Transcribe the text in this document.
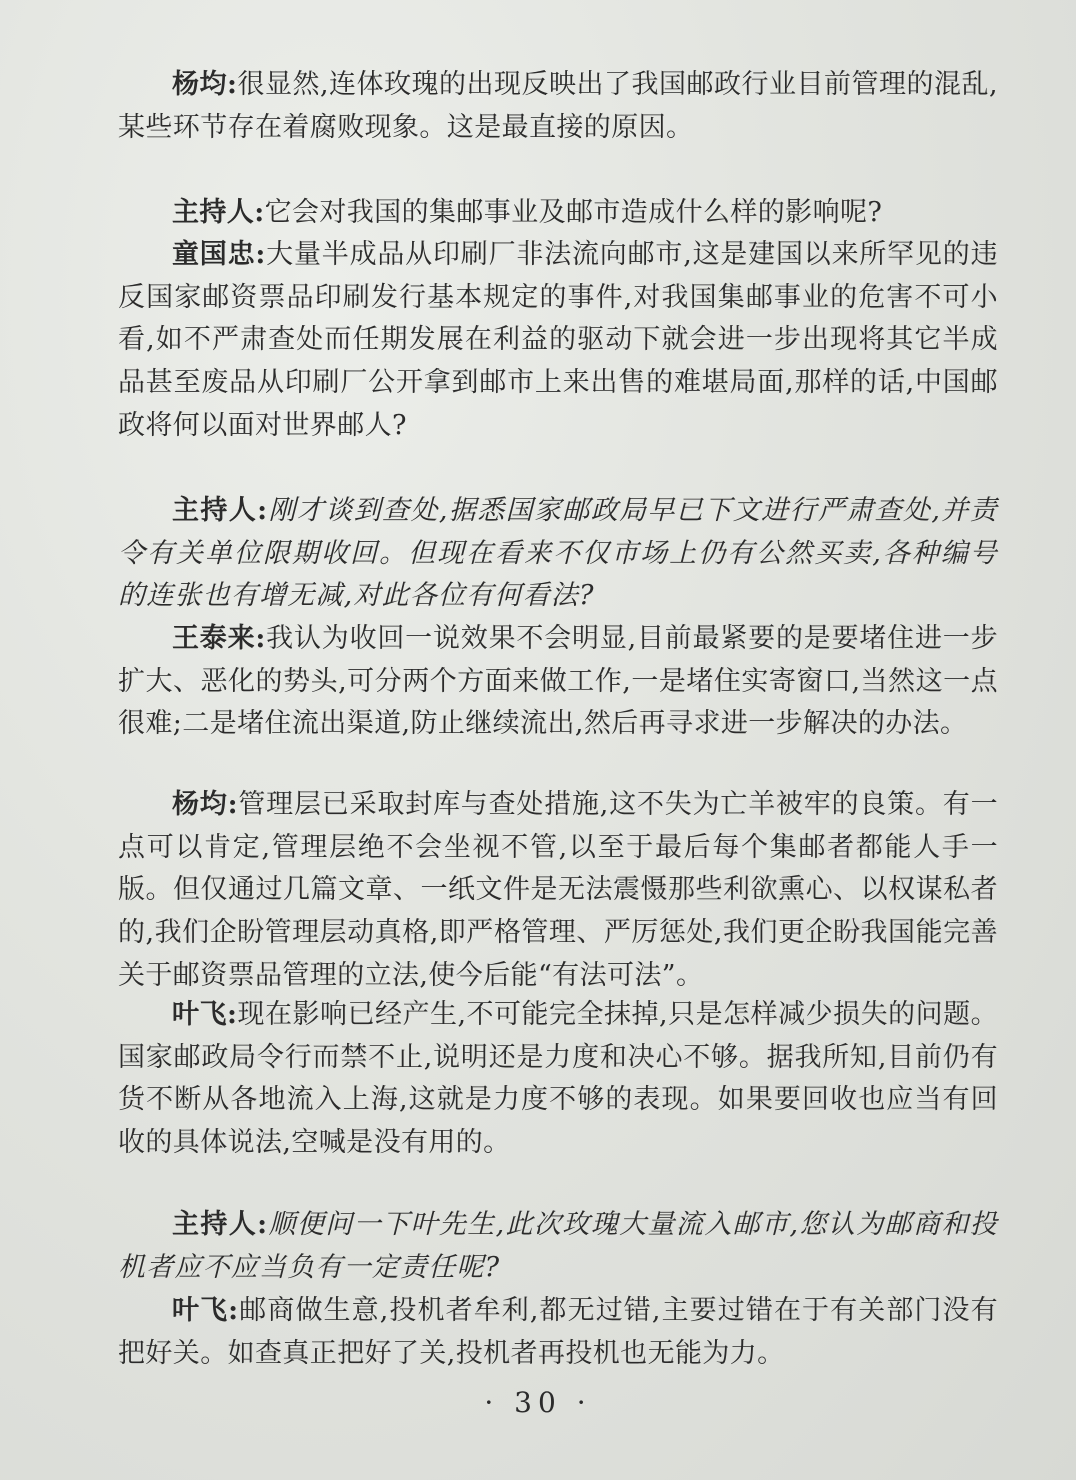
杨均:很显然,连体玫瑰的出现反映出了我国邮政行业目前管理的混乱,某些环节存在着腐败现象。这是最直接的原因。

主持人:它会对我国的集邮事业及邮市造成什么样的影响呢?

童国忠:大量半成品从印刷厂非法流向邮市,这是建国以来所罕见的违反国家邮资票品印刷发行基本规定的事件,对我国集邮事业的危害不可小看,如不严肃查处而任期发展在利益的驱动下就会进一步出现将其它半成品甚至废品从印刷厂公开拿到邮市上来出售的难堪局面,那样的话,中国邮政将何以面对世界邮人?

主持人:刚才谈到查处,据悉国家邮政局早已下文进行严肃查处,并责令有关单位限期收回。但现在看来不仅市场上仍有公然买卖,各种编号的连张也有增无减,对此各位有何看法?

王泰来:我认为收回一说效果不会明显,目前最紧要的是要堵住进一步扩大、恶化的势头,可分两个方面来做工作,一是堵住实寄窗口,当然这一点很难;二是堵住流出渠道,防止继续流出,然后再寻求进一步解决的办法。

杨均:管理层已采取封库与查处措施,这不失为亡羊被牢的良策。有一点可以肯定,管理层绝不会坐视不管,以至于最后每个集邮者都能人手一版。但仅通过几篇文章、一纸文件是无法震慑那些利欲熏心、以权谋私者的,我们企盼管理层动真格,即严格管理、严厉惩处,我们更企盼我国能完善关于邮资票品管理的立法,使今后能“有法可法”。

叶飞:现在影响已经产生,不可能完全抹掉,只是怎样减少损失的问题。国家邮政局令行而禁不止,说明还是力度和决心不够。据我所知,目前仍有货不断从各地流入上海,这就是力度不够的表现。如果要回收也应当有回收的具体说法,空喊是没有用的。

主持人:顺便问一下叶先生,此次玫瑰大量流入邮市,您认为邮商和投机者应不应当负有一定责任呢?

叶飞:邮商做生意,投机者牟利,都无过错,主要过错在于有关部门没有把好关。如查真正把好了关,投机者再投机也无能为力。

· 30 ·
